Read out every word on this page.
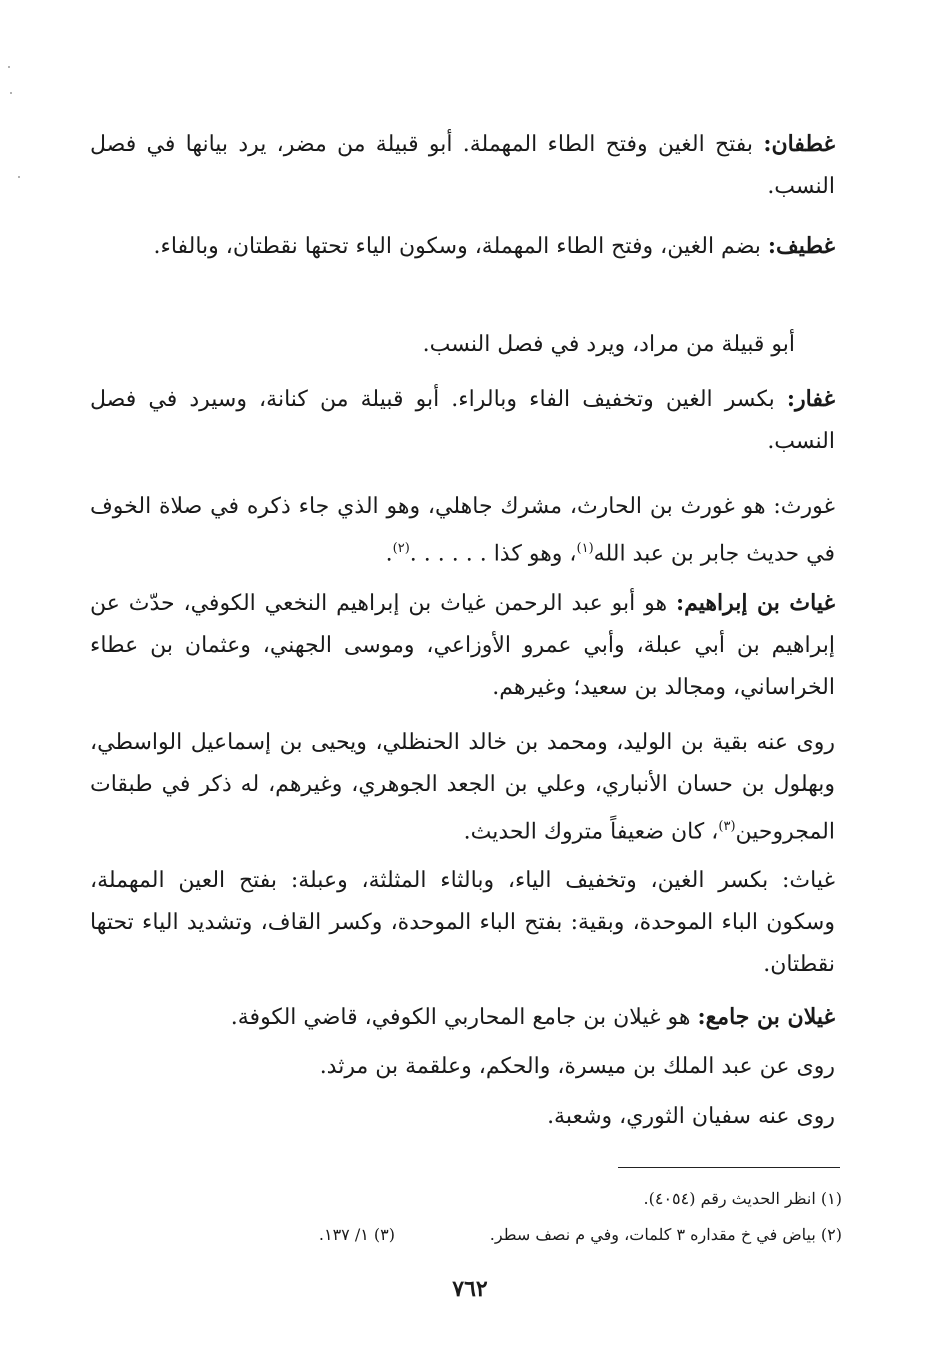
غطفان: بفتح الغين وفتح الطاء المهملة. أبو قبيلة من مضر، يرد بيانها في فصل النسب.
غطيف: بضم الغين، وفتح الطاء المهملة، وسكون الياء تحتها نقطتان، وبالفاء.
أبو قبيلة من مراد، ويرد في فصل النسب.
غفار: بكسر الغين وتخفيف الفاء وبالراء. أبو قبيلة من كنانة، وسيرد في فصل النسب.
غورث: هو غورث بن الحارث، مشرك جاهلي، وهو الذي جاء ذكره في صلاة الخوف في حديث جابر بن عبد الله$^{(١)}$، وهو كذا . . . . . .$^{(٢)}$.
غياث بن إبراهيم: هو أبو عبد الرحمن غياث بن إبراهيم النخعي الكوفي، حدّث عن إبراهيم بن أبي عبلة، وأبي عمرو الأوزاعي، وموسى الجهني، وعثمان بن عطاء الخراساني، ومجالد بن سعيد؛ وغيرهم.
روى عنه بقية بن الوليد، ومحمد بن خالد الحنظلي، ويحيى بن إسماعيل الواسطي، وبهلول بن حسان الأنباري، وعلي بن الجعد الجوهري، وغيرهم، له ذكر في طبقات المجروحين$^{(٣)}$، كان ضعيفاً متروك الحديث.
غياث: بكسر الغين، وتخفيف الياء، وبالثاء المثلثة، وعبلة: بفتح العين المهملة، وسكون الباء الموحدة، وبقية: بفتح الباء الموحدة، وكسر القاف، وتشديد الياء تحتها نقطتان.
غيلان بن جامع: هو غيلان بن جامع المحاربي الكوفي، قاضي الكوفة.
روى عن عبد الملك بن ميسرة، والحكم، وعلقمة بن مرثد.
روى عنه سفيان الثوري، وشعبة.
(١) انظر الحديث رقم (٤٠٥٤).
(٢) بياض في خ مقداره ٣ كلمات، وفي م نصف سطر.
(٣) ١/ ١٣٧.
٧٦٢
